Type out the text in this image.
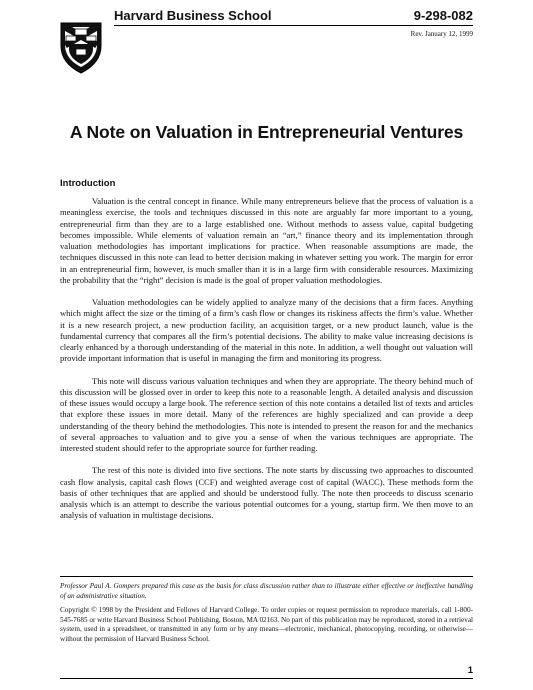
Harvard Business School	9-298-082
Rev. January 12, 1999
A Note on Valuation in Entrepreneurial Ventures
Introduction

Valuation is the central concept in finance. While many entrepreneurs believe that the process of valuation is a meaningless exercise, the tools and techniques discussed in this note are arguably far more important to a young, entrepreneurial firm than they are to a large established one. Without methods to assess value, capital budgeting becomes impossible. While elements of valuation remain an “art,” finance theory and its implementation through valuation methodologies has important implications for practice. When reasonable assumptions are made, the techniques discussed in this note can lead to better decision making in whatever setting you work. The margin for error in an entrepreneurial firm, however, is much smaller than it is in a large firm with considerable resources. Maximizing the probability that the “right” decision is made is the goal of proper valuation methodologies.

Valuation methodologies can be widely applied to analyze many of the decisions that a firm faces. Anything which might affect the size or the timing of a firm’s cash flow or changes its riskiness affects the firm’s value. Whether it is a new research project, a new production facility, an acquisition target, or a new product launch, value is the fundamental currency that compares all the firm’s potential decisions. The ability to make value increasing decisions is clearly enhanced by a thorough understanding of the material in this note. In addition, a well thought out valuation will provide important information that is useful in managing the firm and monitoring its progress.

This note will discuss various valuation techniques and when they are appropriate. The theory behind much of this discussion will be glossed over in order to keep this note to a reasonable length. A detailed analysis and discussion of these issues would occupy a large book. The reference section of this note contains a detailed list of texts and articles that explore these issues in more detail. Many of the references are highly specialized and can provide a deep understanding of the theory behind the methodologies. This note is intended to present the reason for and the mechanics of several approaches to valuation and to give you a sense of when the various techniques are appropriate. The interested student should refer to the appropriate source for further reading.

The rest of this note is divided into five sections. The note starts by discussing two approaches to discounted cash flow analysis, capital cash flows (CCF) and weighted average cost of capital (WACC). These methods form the basis of other techniques that are applied and should be understood fully. The note then proceeds to discuss scenario analysis which is an attempt to describe the various potential outcomes for a young, startup firm. We then move to an analysis of valuation in multistage decisions.

Professor Paul A. Gompers prepared this case as the basis for class discussion rather than to illustrate either effective or ineffective handling of an administrative situation.
Copyright © 1998 by the President and Fellows of Harvard College. To order copies or request permission to reproduce materials, call 1-800-545-7685 or write Harvard Business School Publishing, Boston, MA 02163. No part of this publication may be reproduced, stored in a retrieval system, used in a spreadsheet, or transmitted in any form or by any means—electronic, mechanical, photocopying, recording, or otherwise—without the permission of Harvard Business School.
1
